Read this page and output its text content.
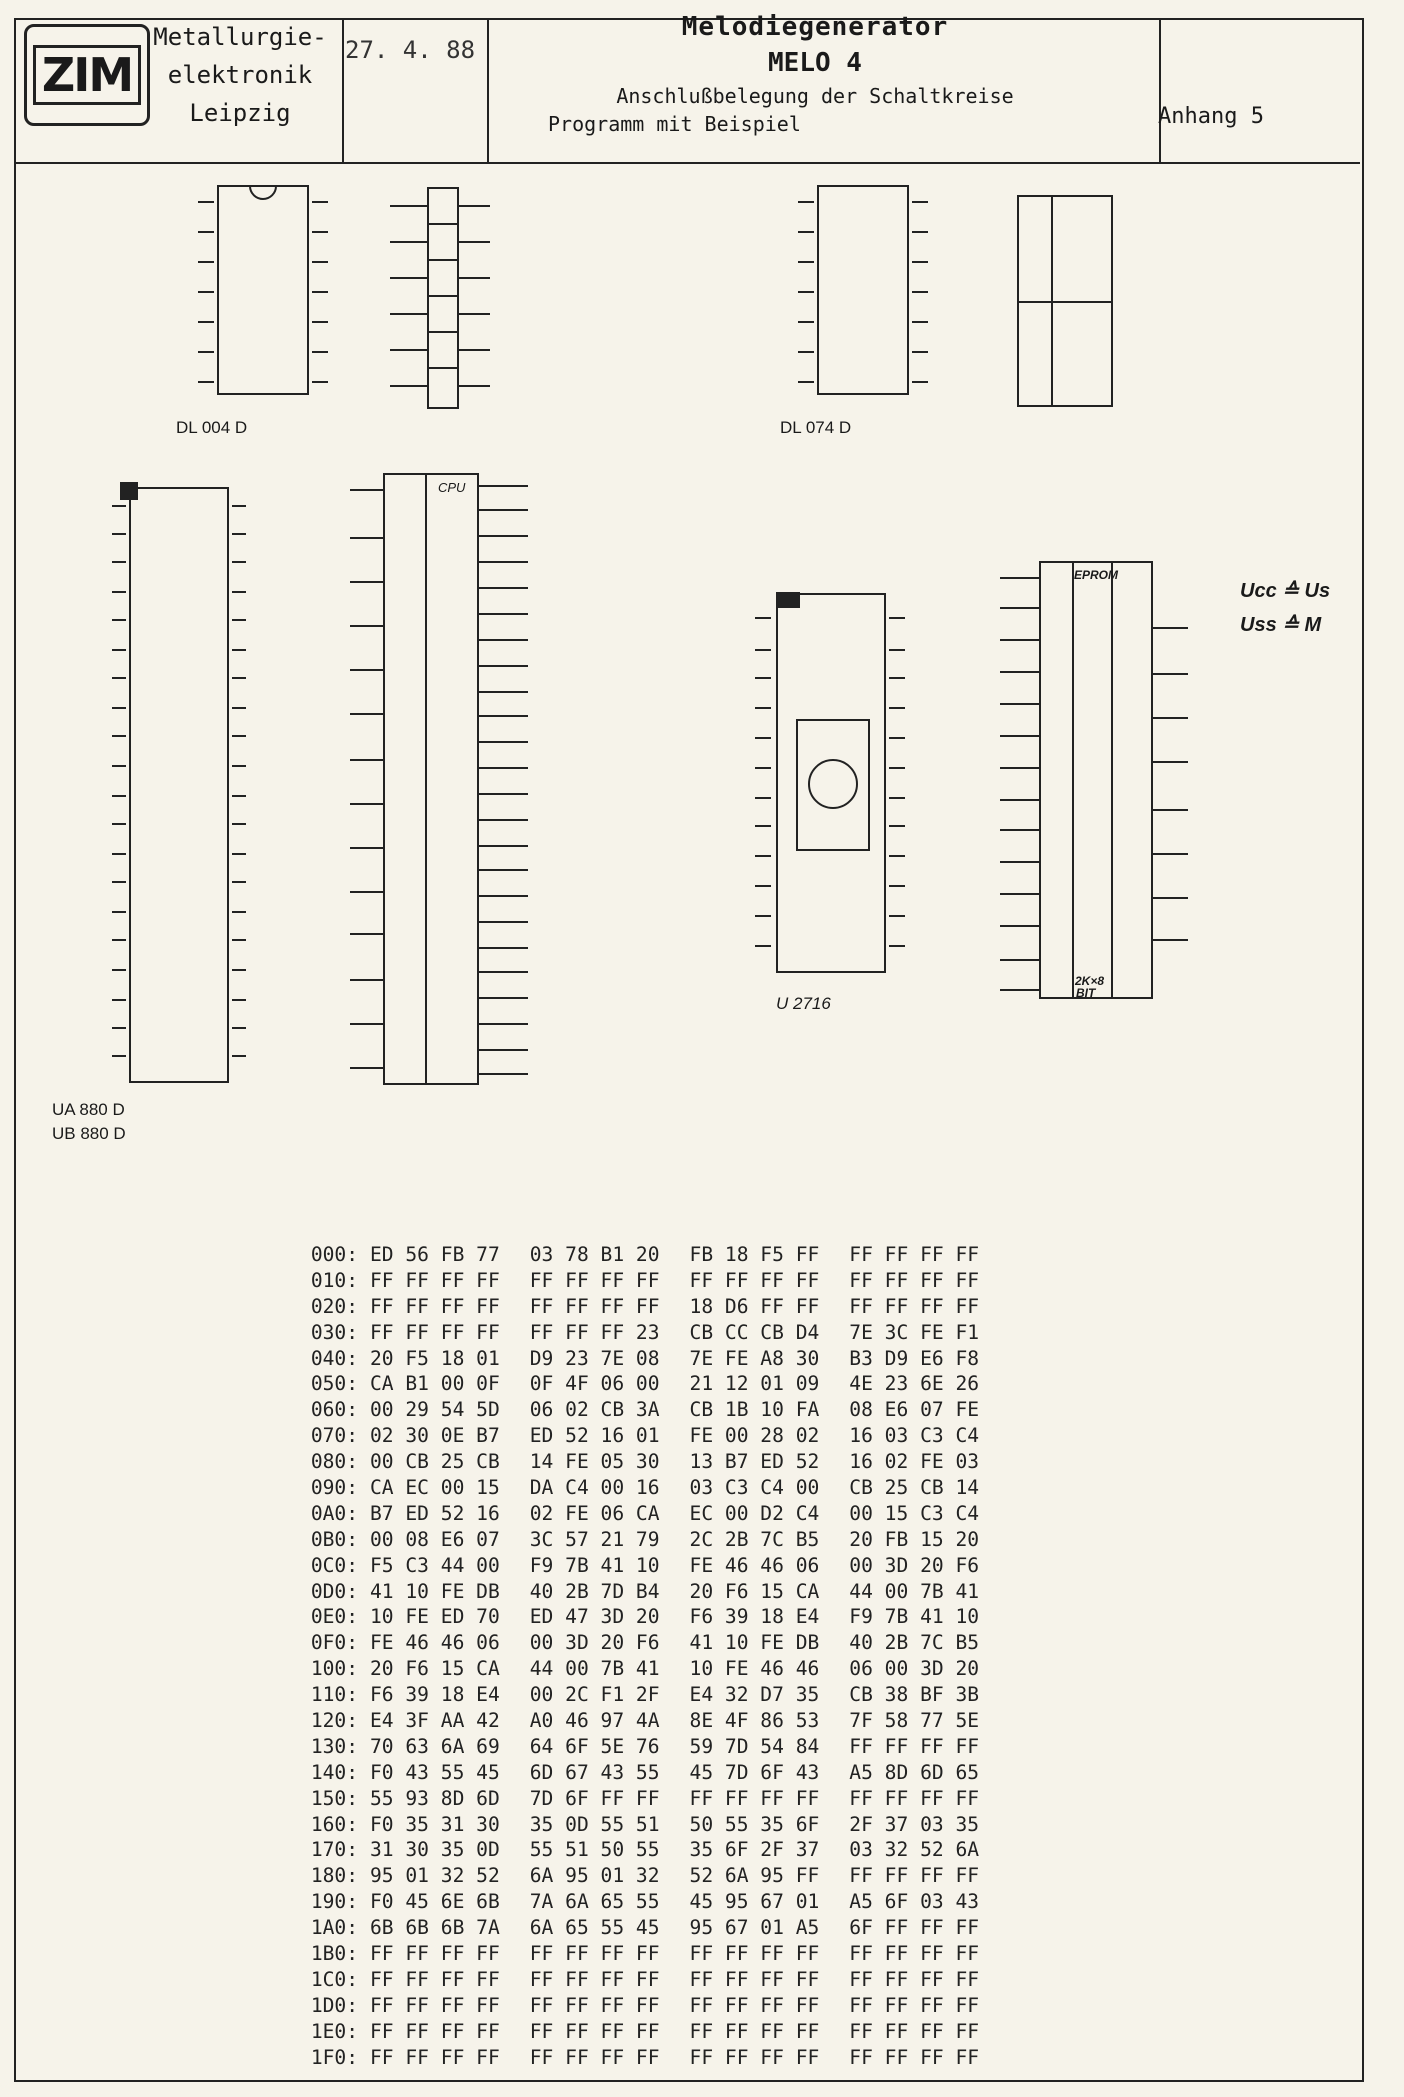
ZIM
Metallurgie-
elektronik
Leipzig
27. 4. 88
Melodiegenerator
MELO 4
Anschlußbelegung der Schaltkreise
Programm mit Beispiel	Anhang 5
DL 004 D	DL 074 D
UA 880 D
UB 880 D
U 2716
CPU
EPROM
2K×8
BIT
Ucc ≙ Us
Uss ≙ M
000: ED 56 FB 77 03 78 B1 20 FB 18 F5 FF FF FF FF FF
010: FF FF FF FF FF FF FF FF FF FF FF FF FF FF FF FF
020: FF FF FF FF FF FF FF FF 18 D6 FF FF FF FF FF FF
030: FF FF FF FF FF FF FF 23 CB CC CB D4 7E 3C FE F1
040: 20 F5 18 01 D9 23 7E 08 7E FE A8 30 B3 D9 E6 F8
050: CA B1 00 0F 0F 4F 06 00 21 12 01 09 4E 23 6E 26
060: 00 29 54 5D 06 02 CB 3A CB 1B 10 FA 08 E6 07 FE
070: 02 30 0E B7 ED 52 16 01 FE 00 28 02 16 03 C3 C4
080: 00 CB 25 CB 14 FE 05 30 13 B7 ED 52 16 02 FE 03
090: CA EC 00 15 DA C4 00 16 03 C3 C4 00 CB 25 CB 14
0A0: B7 ED 52 16 02 FE 06 CA EC 00 D2 C4 00 15 C3 C4
0B0: 00 08 E6 07 3C 57 21 79 2C 2B 7C B5 20 FB 15 20
0C0: F5 C3 44 00 F9 7B 41 10 FE 46 46 06 00 3D 20 F6
0D0: 41 10 FE DB 40 2B 7D B4 20 F6 15 CA 44 00 7B 41
0E0: 10 FE ED 70 ED 47 3D 20 F6 39 18 E4 F9 7B 41 10
0F0: FE 46 46 06 00 3D 20 F6 41 10 FE DB 40 2B 7C B5
100: 20 F6 15 CA 44 00 7B 41 10 FE 46 46 06 00 3D 20
110: F6 39 18 E4 00 2C F1 2F E4 32 D7 35 CB 38 BF 3B
120: E4 3F AA 42 A0 46 97 4A 8E 4F 86 53 7F 58 77 5E
130: 70 63 6A 69 64 6F 5E 76 59 7D 54 84 FF FF FF FF
140: F0 43 55 45 6D 67 43 55 45 7D 6F 43 A5 8D 6D 65
150: 55 93 8D 6D 7D 6F FF FF FF FF FF FF FF FF FF FF
160: F0 35 31 30 35 0D 55 51 50 55 35 6F 2F 37 03 35
170: 31 30 35 0D 55 51 50 55 35 6F 2F 37 03 32 52 6A
180: 95 01 32 52 6A 95 01 32 52 6A 95 FF FF FF FF FF
190: F0 45 6E 6B 7A 6A 65 55 45 95 67 01 A5 6F 03 43
1A0: 6B 6B 6B 7A 6A 65 55 45 95 67 01 A5 6F FF FF FF
1B0: FF FF FF FF FF FF FF FF FF FF FF FF FF FF FF FF
1C0: FF FF FF FF FF FF FF FF FF FF FF FF FF FF FF FF
1D0: FF FF FF FF FF FF FF FF FF FF FF FF FF FF FF FF
1E0: FF FF FF FF FF FF FF FF FF FF FF FF FF FF FF FF
1F0: FF FF FF FF FF FF FF FF FF FF FF FF FF FF FF FF
